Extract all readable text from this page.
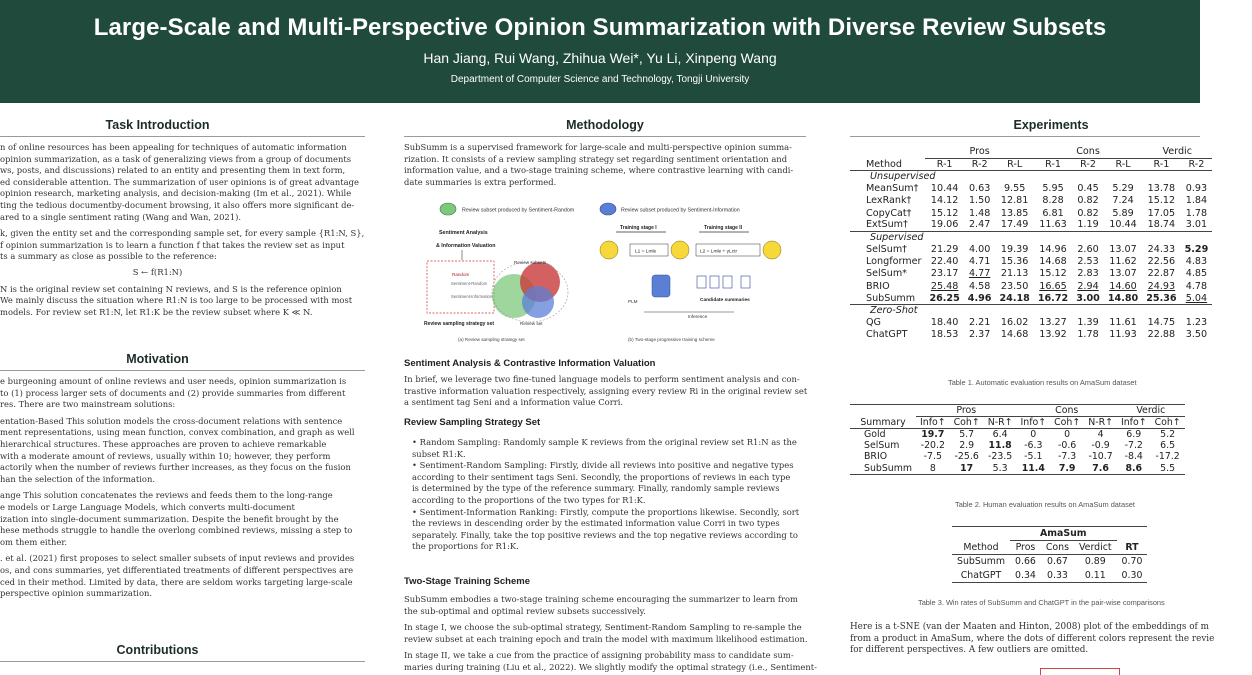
Large-Scale and Multi-Perspective Opinion Summarization with Diverse Review Subsets
Han Jiang, Rui Wang, Zhihua Wei*, Yu Li, Xinpeng Wang
Department of Computer Science and Technology, Tongji University
Task Introduction
n of online resources has been appealing for techniques of automatic information
opinion summarization, as a task of generalizing views from a group of documents
ws, posts, and discussions) related to an entity and presenting them in text form,
ed considerable attention. The summarization of user opinions is of great advantage
opinion research, marketing analysis, and decision-making (Im et al., 2021). While
ting the tedious documentby-document browsing, it also offers more significant de-
ared to a single sentiment rating (Wang and Wan, 2021).
k, given the entity set and the corresponding sample set, for every sample {R1:N, S},
f opinion summarization is to learn a function f that takes the review set as input
ts a summary as close as possible to the reference:
S ← f(R1:N)
N is the original review set containing N reviews, and S is the reference opinion
We mainly discuss the situation where R1:N is too large to be processed with most
models. For review set R1:N, let R1:K be the review subset where K ≪ N.
Motivation
e burgeoning amount of online reviews and user needs, opinion summarization is
to (1) process larger sets of documents and (2) provide summaries from different
res. There are two mainstream solutions:
entation-Based This solution models the cross-document relations with sentence
ment representations, using mean function, convex combination, and graph as well
hierarchical structures. These approaches are proven to achieve remarkable
with a moderate amount of reviews, usually within 10; however, they perform
actorily when the number of reviews further increases, as they focus on the fusion
han the selection of the information.
ange This solution concatenates the reviews and feeds them to the long-range
e models or Large Language Models, which converts multi-document
ization into single-document summarization. Despite the benefit brought by the
hese methods struggle to handle the overlong combined reviews, missing a step to
om them either.
. et al. (2021) first proposes to select smaller subsets of input reviews and provides
os, and cons summaries, yet differentiated treatments of different perspectives are
ced in their method. Limited by data, there are seldom works targeting large-scale
perspective opinion summarization.
Contributions
Methodology
SubSumm is a supervised framework for large-scale and multi-perspective opinion summa-
rization. It consists of a review sampling strategy set regarding sentiment orientation and
information value, and a two-stage training scheme, where contrastive learning with candi-
date summaries is extra performed.
Review subset produced by Sentiment-Random	Review subset produced by Sentiment-Information
Sentiment Analysis
& Information Valuation
Random
Sentiment-Random
Sentiment-Information
Review subsets
Review sampling strategy set	Review set
Training stage I	Training stage II
L1 = Lmle	L2 = Lmle + γLctr
PLM	Candidate summaries
Inference
(a) Review sampling strategy set	(b) Two-stage progressive training scheme
Sentiment Analysis & Contrastive Information Valuation
In brief, we leverage two fine-tuned language models to perform sentiment analysis and con-
trastive information valuation respectively, assigning every review Ri in the original review set
a sentiment tag Seni and a information value Corri.
Review Sampling Strategy Set
• Random Sampling: Randomly sample K reviews from the original review set R1:N as the
subset R1:K.
• Sentiment-Random Sampling: Firstly, divide all reviews into positive and negative types
according to their sentiment tags Seni. Secondly, the proportions of reviews in each type
is determined by the type of the reference summary. Finally, randomly sample reviews
according to the proportions of the two types for R1:K.
• Sentiment-Information Ranking: Firstly, compute the proportions likewise. Secondly, sort
the reviews in descending order by the estimated information value Corri in two types
separately. Finally, take the top positive reviews and the top negative reviews according to
the proportions for R1:K.
Two-Stage Training Scheme
SubSumm embodies a two-stage training scheme encouraging the summarizer to learn from
the sub-optimal and optimal review subsets successively.
In stage I, we choose the sub-optimal strategy, Sentiment-Random Sampling to re-sample the
review subset at each training epoch and train the model with maximum likelihood estimation.
In stage II, we take a cue from the practice of assigning probability mass to candidate sum-
maries during training (Liu et al., 2022). We slightly modify the optimal strategy (i.e., Sentiment-
Experiments
	Pros			Cons			Verdic	
Method	R-1	R-2	R-L	R-1	R-2	R-L	R-1	R-2
Unsupervised								
MeanSum†	10.44	0.63	9.55	5.95	0.45	5.29	13.78	0.93
LexRank†	14.12	1.50	12.81	8.28	0.82	7.24	15.12	1.84
CopyCat†	15.12	1.48	13.85	6.81	0.82	5.89	17.05	1.78
ExtSum†	19.06	2.47	17.49	11.63	1.19	10.44	18.74	3.01
Supervised								
SelSum†	21.29	4.00	19.39	14.96	2.60	13.07	24.33	5.29
Longformer	22.40	4.71	15.36	14.68	2.53	11.62	22.56	4.83
SelSum*	23.17	4.77	21.13	15.12	2.83	13.07	22.87	4.85
BRIO	25.48	4.58	23.50	16.65	2.94	14.60	24.93	4.78
SubSumm	26.25	4.96	24.18	16.72	3.00	14.80	25.36	5.04
Zero-Shot								
QG	18.40	2.21	16.02	13.27	1.39	11.61	14.75	1.23
ChatGPT	18.53	2.37	14.68	13.92	1.78	11.93	22.88	3.50
Table 1. Automatic evaluation results on AmaSum dataset
	Pros			Cons			Verdic	
Summary	Info↑	Coh↑	N-R↑	Info↑	Coh↑	N-R↑	Info↑	Coh↑
Gold	19.7	5.7	6.4	0	0	4	6.9	5.2
SelSum	-20.2	2.9	11.8	-6.3	-0.6	-0.9	-7.2	6.5
BRIO	-7.5	-25.6	-23.5	-5.1	-7.3	-10.7	-8.4	-17.2
SubSumm	8	17	5.3	11.4	7.9	7.6	8.6	5.5
Table 2. Human evaluation results on AmaSum dataset
	AmaSum			
Method	Pros	Cons	Verdict	RT
SubSumm	0.66	0.67	0.89	0.70
ChatGPT	0.34	0.33	0.11	0.30
Table 3. Win rates of SubSumm and ChatGPT in the pair-wise comparisons
Here is a t-SNE (van der Maaten and Hinton, 2008) plot of the embeddings of m
from a product in AmaSum, where the dots of different colors represent the revie
for different perspectives. A few outliers are omitted.
